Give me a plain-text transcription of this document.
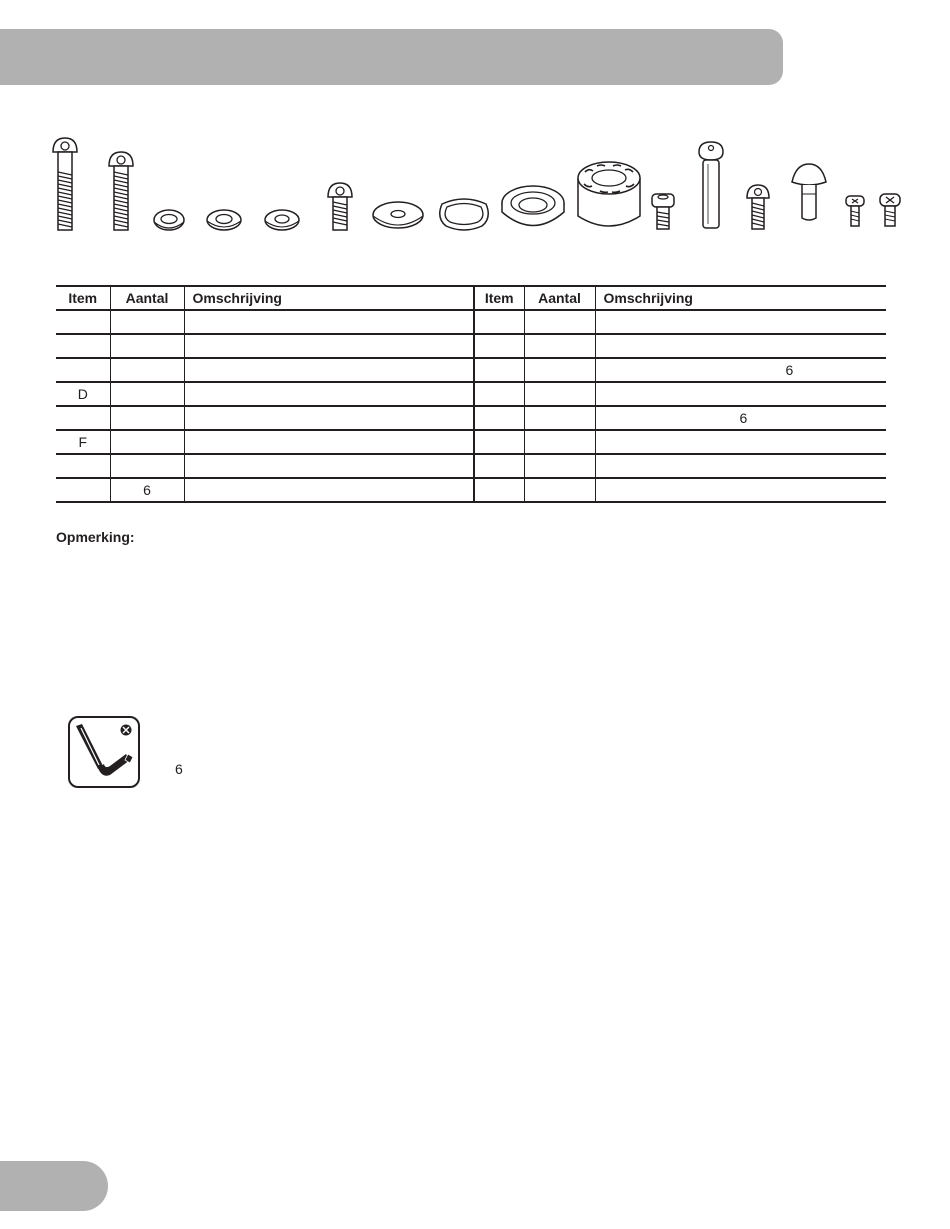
Item	Aantal	Omschrijving	Item	Aantal	Omschrijving

					6
D					
					6
F					

	6				
Opmerking:
6
